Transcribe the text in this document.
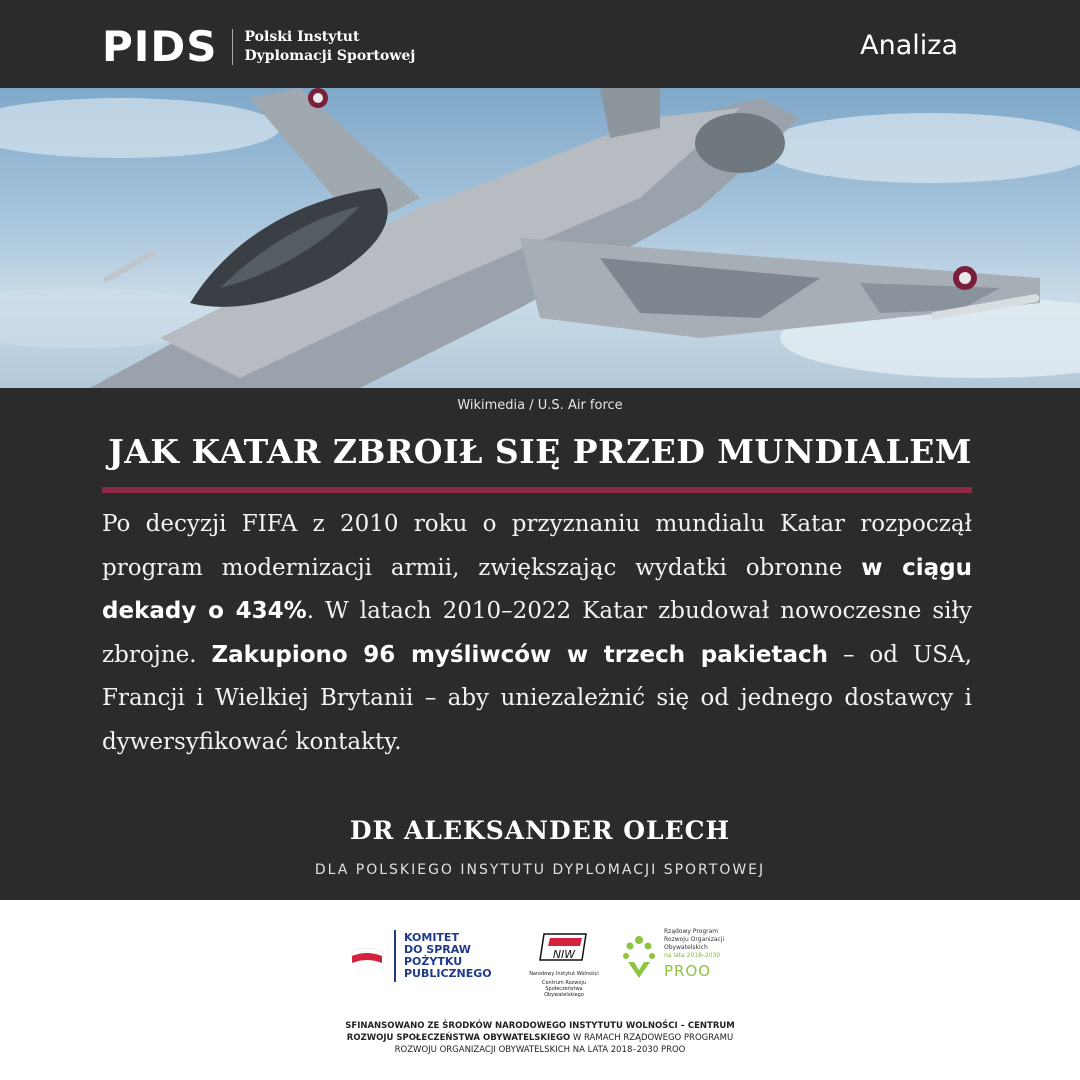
PIDS Polski Instytut
Dyplomacji Sportowej	Analiza
Wikimedia / U.S. Air force
JAK KATAR ZBROIŁ SIĘ PRZED MUNDIALEM

Po decyzji FIFA z 2010 roku o przyznaniu mundialu Katar rozpoczął program modernizacji armii, zwiększając wydatki obronne w ciągu dekady o 434%. W latach 2010–2022 Katar zbudował nowoczesne siły zbrojne. Zakupiono 96 myśliwców w trzech pakietach – od USA, Francji i Wielkiej Brytanii – aby uniezależnić się od jednego dostawcy i dywersyfikować kontakty.

DR ALEKSANDER OLECH
DLA POLSKIEGO INSYTUTU DYPLOMACJI SPORTOWEJ
KOMITET
DO SPRAW
POŻYTKU
PUBLICZNEGO
NIW
Narodowy Instytut Wolności
Centrum Rozwoju Społeczeństwa Obywatelskiego
Rządowy Program
Rozwoju Organizacji
Obywatelskich
na lata 2018–2030
PROO
SFINANSOWANO ZE ŚRODKÓW NARODOWEGO INSTYTUTU WOLNOŚCI – CENTRUM
ROZWOJU SPOŁECZEŃSTWA OBYWATELSKIEGO W RAMACH RZĄDOWEGO PROGRAMU
ROZWOJU ORGANIZACJI OBYWATELSKICH NA LATA 2018–2030 PROO
